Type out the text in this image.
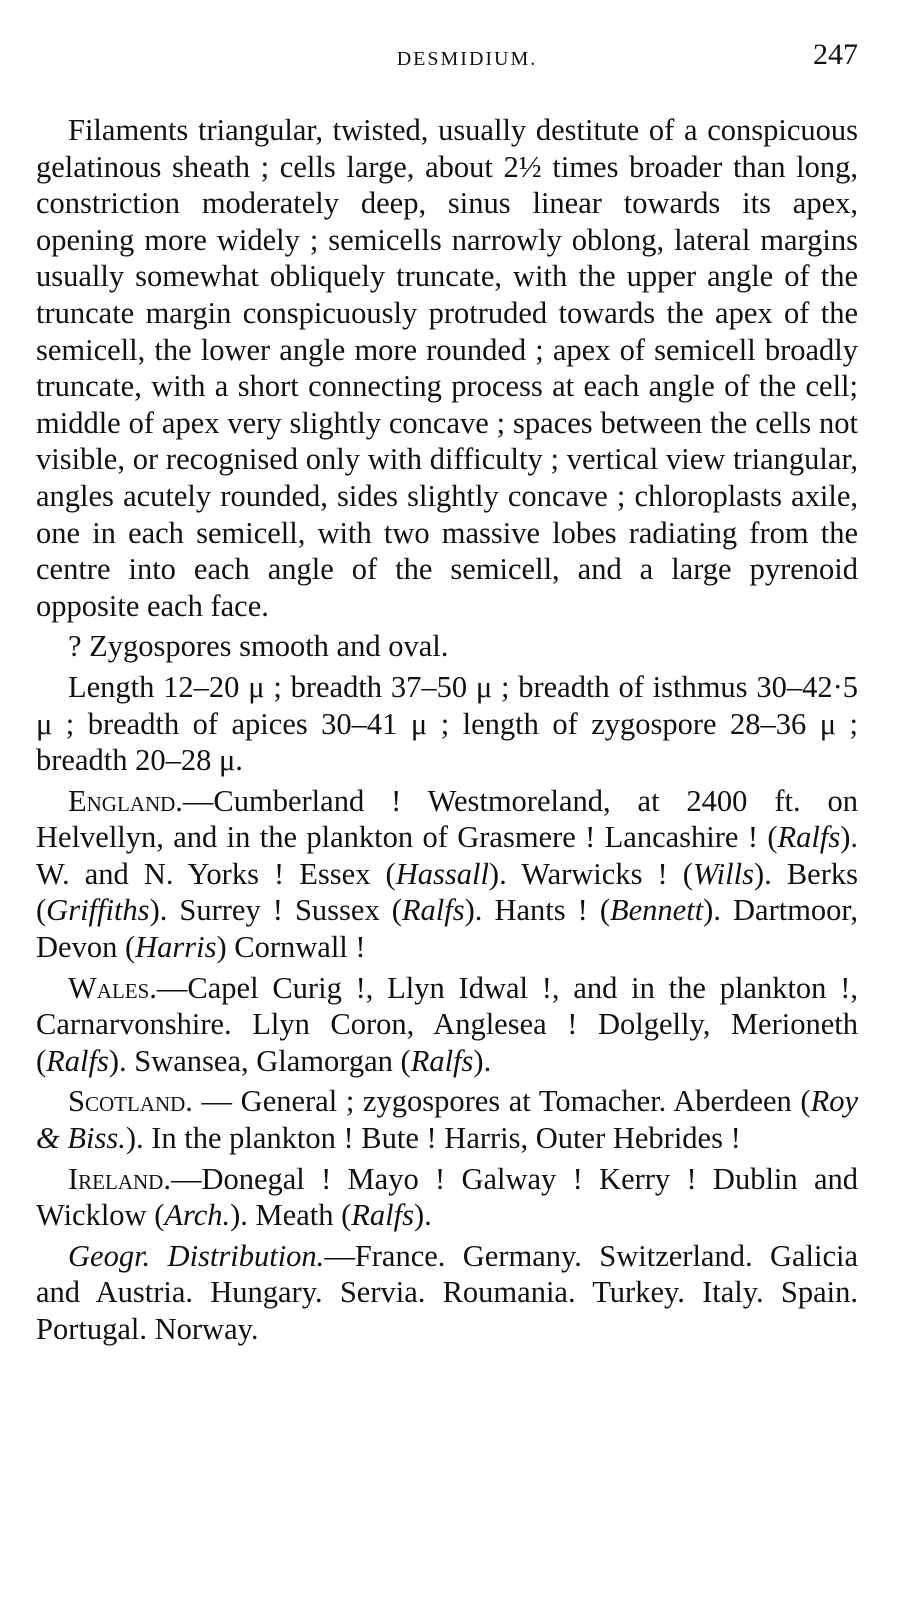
DESMIDIUM.	247

Filaments triangular, twisted, usually destitute of a conspicuous gelatinous sheath ; cells large, about 2½ times broader than long, constriction moderately deep, sinus linear towards its apex, opening more widely ; semicells narrowly oblong, lateral margins usually somewhat obliquely truncate, with the upper angle of the truncate margin conspicuously protruded towards the apex of the semicell, the lower angle more rounded ; apex of semicell broadly truncate, with a short connecting process at each angle of the cell; middle of apex very slightly concave ; spaces between the cells not visible, or recognised only with difficulty ; vertical view triangular, angles acutely rounded, sides slightly concave ; chloroplasts axile, one in each semicell, with two massive lobes radiating from the centre into each angle of the semicell, and a large pyrenoid opposite each face.

? Zygospores smooth and oval.

Length 12–20 μ ; breadth 37–50 μ ; breadth of isthmus 30–42·5 μ ; breadth of apices 30–41 μ ; length of zygospore 28–36 μ ; breadth 20–28 μ.

England.—Cumberland ! Westmoreland, at 2400 ft. on Helvellyn, and in the plankton of Grasmere ! Lancashire ! (Ralfs). W. and N. Yorks ! Essex (Hassall). Warwicks ! (Wills). Berks (Griffiths). Surrey ! Sussex (Ralfs). Hants ! (Bennett). Dartmoor, Devon (Harris) Cornwall !

Wales.—Capel Curig !, Llyn Idwal !, and in the plankton !, Carnarvonshire. Llyn Coron, Anglesea ! Dolgelly, Merioneth (Ralfs). Swansea, Glamorgan (Ralfs).

Scotland. — General ; zygospores at Tomacher. Aberdeen (Roy & Biss.). In the plankton ! Bute ! Harris, Outer Hebrides !

Ireland.—Donegal ! Mayo ! Galway ! Kerry ! Dublin and Wicklow (Arch.). Meath (Ralfs).

Geogr. Distribution.—France. Germany. Switzerland. Galicia and Austria. Hungary. Servia. Roumania. Turkey. Italy. Spain. Portugal. Norway.
